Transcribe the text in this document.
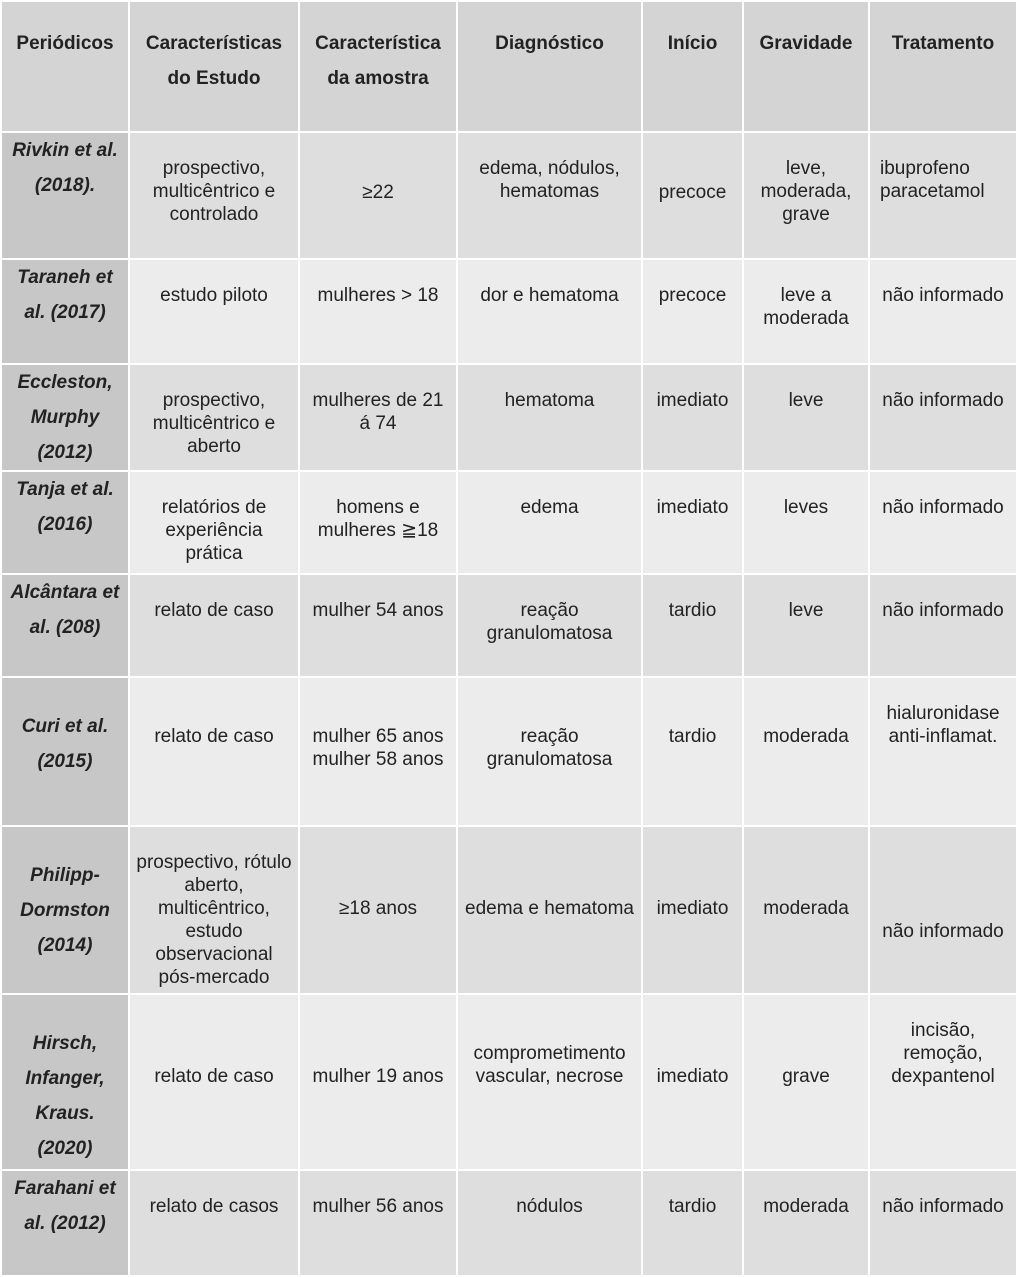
Periódicos	Características do Estudo	Característica da amostra	Diagnóstico	Início	Gravidade	Tratamento
Rivkin et al. (2018).	prospectivo, multicêntrico e controlado	≥22	edema, nódulos, hematomas	precoce	leve, moderada, grave	ibuprofeno paracetamol
Taraneh et al. (2017)	estudo piloto	mulheres > 18	dor e hematoma	precoce	leve a moderada	não informado
Eccleston, Murphy (2012)	prospectivo, multicêntrico e aberto	mulheres de 21 á 74	hematoma	imediato	leve	não informado
Tanja et al. (2016)	relatórios de experiência prática	homens e mulheres ≧18	edema	imediato	leves	não informado
Alcântara et al. (208)	relato de caso	mulher 54 anos	reação granulomatosa	tardio	leve	não informado
Curi et al. (2015)	relato de caso	mulher 65 anos mulher 58 anos	reação granulomatosa	tardio	moderada	hialuronidase anti-inflamat.
Philipp-Dormston (2014)	prospectivo, rótulo aberto, multicêntrico, estudo observacional pós-mercado	≥18 anos	edema e hematoma	imediato	moderada	não informado
Hirsch, Infanger, Kraus. (2020)	relato de caso	mulher 19 anos	comprometimento vascular, necrose	imediato	grave	incisão, remoção, dexpantenol
Farahani et al. (2012)	relato de casos	mulher 56 anos	nódulos	tardio	moderada	não informado
